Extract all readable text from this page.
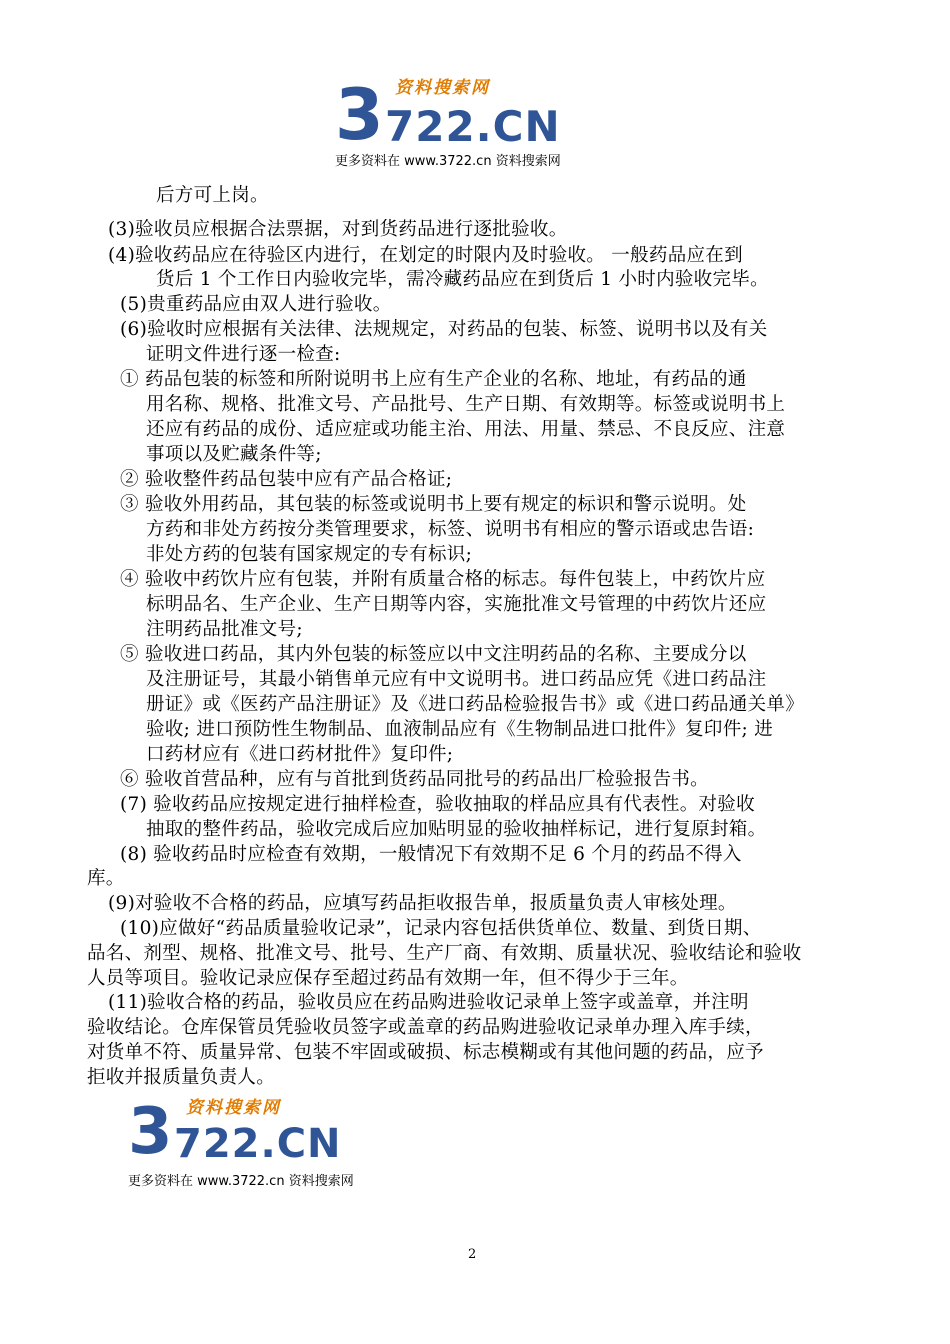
3 资料搜索网
722.CN
更多资料在 www.3722.cn 资料搜索网
后方可上岗。
(3)验收员应根据合法票据，对到货药品进行逐批验收。
(4)验收药品应在待验区内进行，在划定的时限内及时验收。 一般药品应在到
货后 1 个工作日内验收完毕，需冷藏药品应在到货后 1 小时内验收完毕。
(5)贵重药品应由双人进行验收。
(6)验收时应根据有关法律、法规规定，对药品的包装、标签、说明书以及有关
证明文件进行逐一检查:
① 药品包装的标签和所附说明书上应有生产企业的名称、地址，有药品的通
用名称、规格、批准文号、产品批号、生产日期、有效期等。标签或说明书上
还应有药品的成份、适应症或功能主治、用法、用量、禁忌、不良反应、注意
事项以及贮藏条件等;
② 验收整件药品包装中应有产品合格证;
③ 验收外用药品，其包装的标签或说明书上要有规定的标识和警示说明。处
方药和非处方药按分类管理要求，标签、说明书有相应的警示语或忠告语:
非处方药的包装有国家规定的专有标识;
④ 验收中药饮片应有包装，并附有质量合格的标志。每件包装上，中药饮片应
标明品名、生产企业、生产日期等内容，实施批准文号管理的中药饮片还应
注明药品批准文号;
⑤ 验收进口药品，其内外包装的标签应以中文注明药品的名称、主要成分以
及注册证号，其最小销售单元应有中文说明书。进口药品应凭《进口药品注
册证》或《医药产品注册证》及《进口药品检验报告书》或《进口药品通关单》
验收; 进口预防性生物制品、血液制品应有《生物制品进口批件》复印件; 进
口药材应有《进口药材批件》复印件;
⑥ 验收首营品种，应有与首批到货药品同批号的药品出厂检验报告书。
(7) 验收药品应按规定进行抽样检查，验收抽取的样品应具有代表性。对验收
抽取的整件药品，验收完成后应加贴明显的验收抽样标记，进行复原封箱。
(8) 验收药品时应检查有效期，一般情况下有效期不足 6 个月的药品不得入
库。
(9)对验收不合格的药品，应填写药品拒收报告单，报质量负责人审核处理。
(10)应做好“药品质量验收记录”，记录内容包括供货单位、数量、到货日期、
品名、剂型、规格、批准文号、批号、生产厂商、有效期、质量状况、验收结论和验收
人员等项目。验收记录应保存至超过药品有效期一年，但不得少于三年。
(11)验收合格的药品，验收员应在药品购进验收记录单上签字或盖章，并注明
验收结论。仓库保管员凭验收员签字或盖章的药品购进验收记录单办理入库手续，
对货单不符、质量异常、包装不牢固或破损、标志模糊或有其他问题的药品，应予
拒收并报质量负责人。
3 资料搜索网
722.CN
更多资料在 www.3722.cn 资料搜索网
2
